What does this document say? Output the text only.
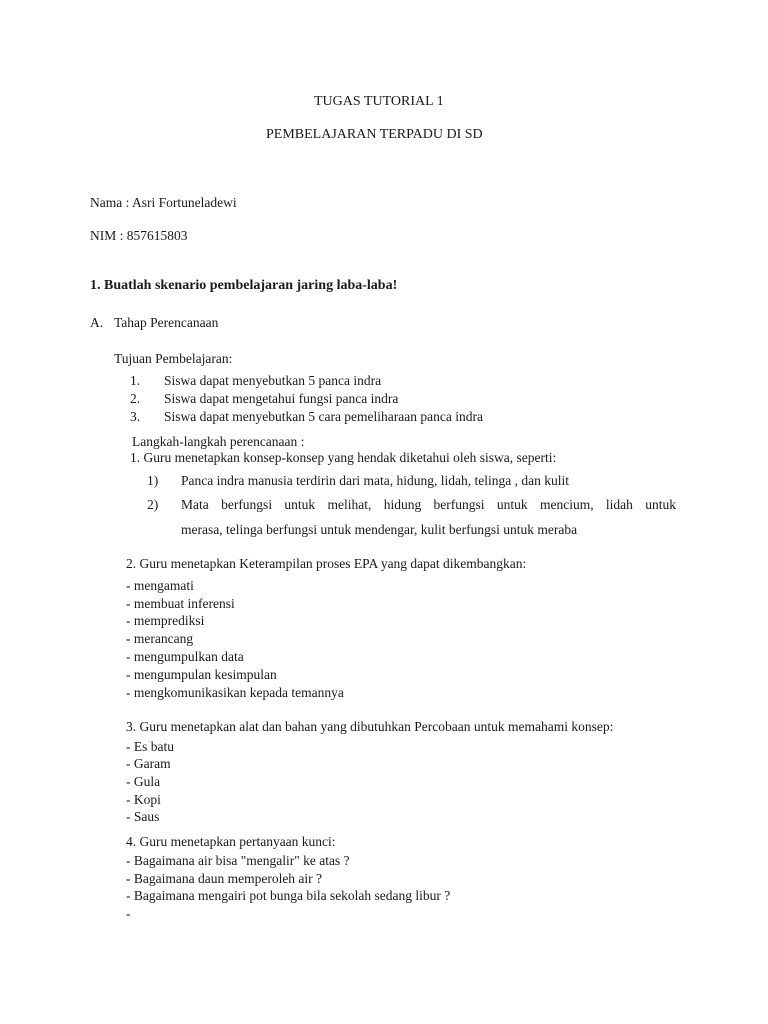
TUGAS TUTORIAL 1
PEMBELAJARAN TERPADU DI SD
Nama : Asri Fortuneladewi
NIM : 857615803
1. Buatlah skenario pembelajaran jaring laba-laba!
A. Tahap Perencanaan
Tujuan Pembelajaran:
1. Siswa dapat menyebutkan 5 panca indra
2. Siswa dapat mengetahui fungsi panca indra
3. Siswa dapat menyebutkan 5 cara pemeliharaan panca indra
Langkah-langkah perencanaan :
1. Guru menetapkan konsep-konsep yang hendak diketahui oleh siswa, seperti:
1) Panca indra manusia terdirin dari mata, hidung, lidah, telinga , dan kulit
2) Mata berfungsi untuk melihat, hidung berfungsi untuk mencium, lidah untuk
merasa, telinga berfungsi untuk mendengar, kulit berfungsi untuk meraba
2. Guru menetapkan Keterampilan proses EPA yang dapat dikembangkan:
- mengamati
- membuat inferensi
- memprediksi
- merancang
- mengumpulkan data
- mengumpulan kesimpulan
- mengkomunikasikan kepada temannya
3. Guru menetapkan alat dan bahan yang dibutuhkan Percobaan untuk memahami konsep:
- Es batu
- Garam
- Gula
- Kopi
- Saus
4. Guru menetapkan pertanyaan kunci:
- Bagaimana air bisa "mengalir" ke atas ?
- Bagaimana daun memperoleh air ?
- Bagaimana mengairi pot bunga bila sekolah sedang libur ?
-
